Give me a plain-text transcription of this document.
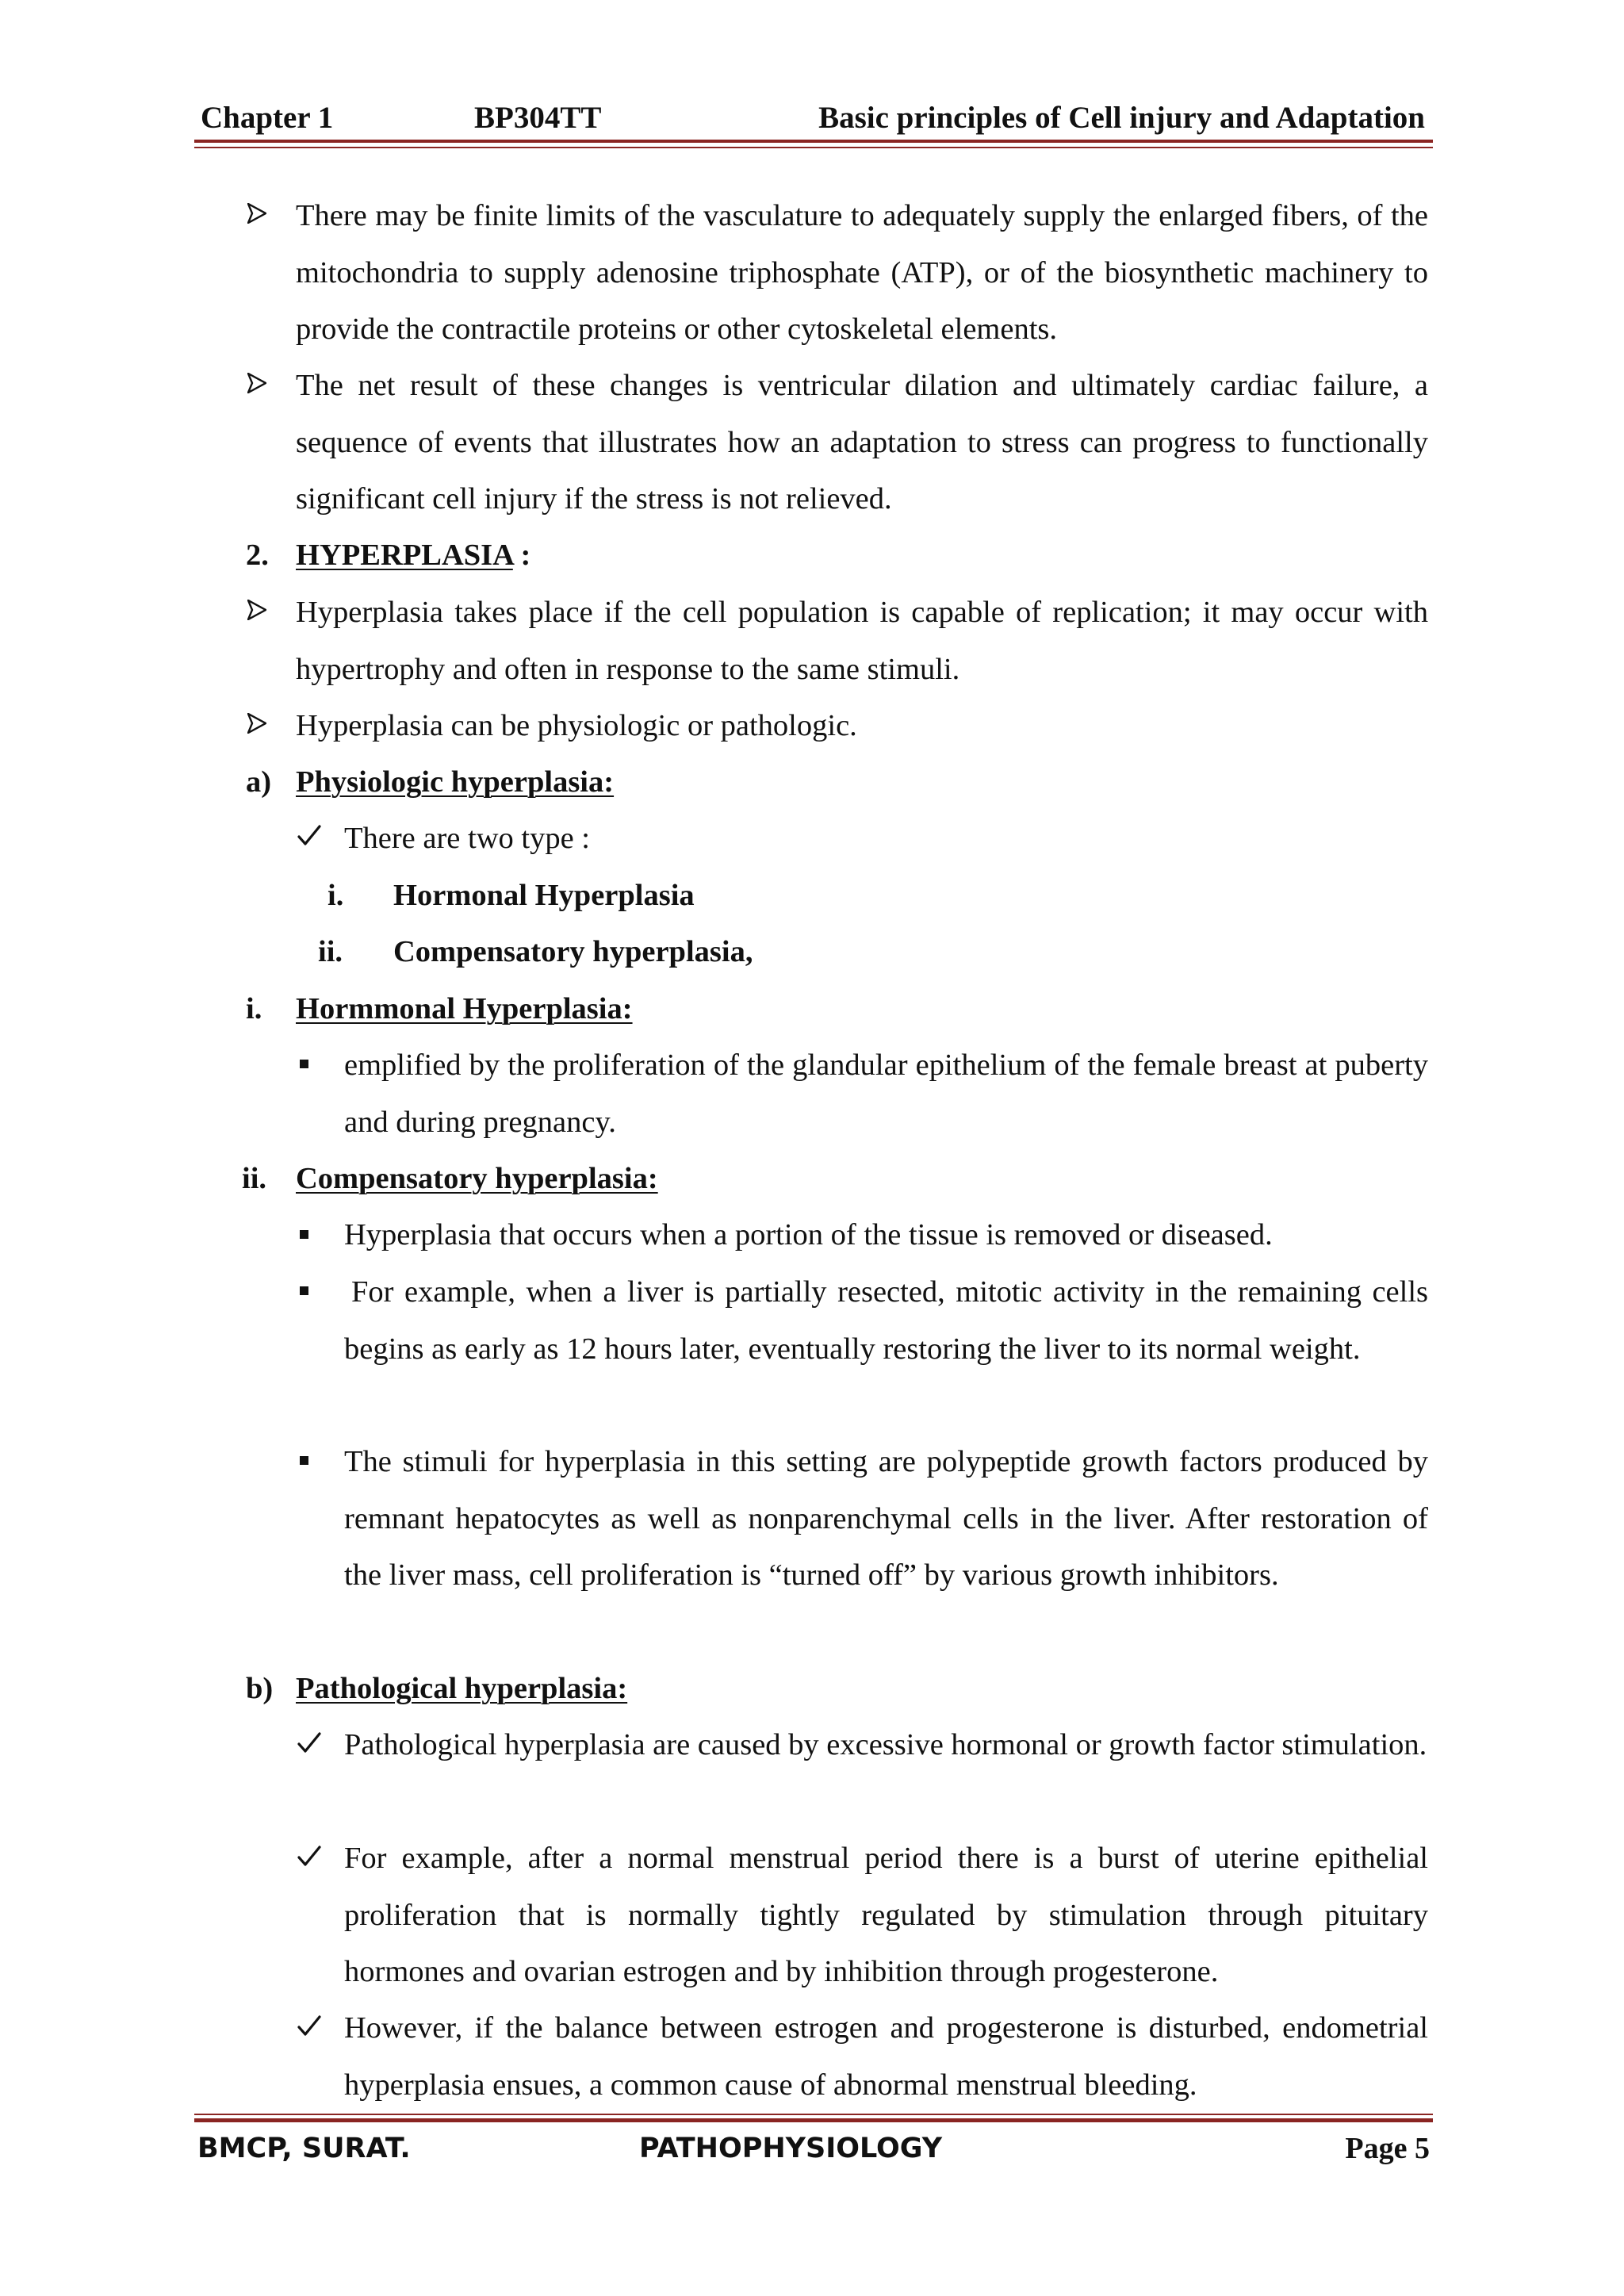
Chapter 1	BP304TT	Basic principles of Cell injury and Adaptation
There may be finite limits of the vasculature to adequately supply the enlarged fibers, of the mitochondria to supply adenosine triphosphate (ATP), or of the biosynthetic machinery to provide the contractile proteins or other cytoskeletal elements.
The net result of these changes is ventricular dilation and ultimately cardiac failure, a sequence of events that illustrates how an adaptation to stress can progress to functionally significant cell injury if the stress is not relieved.
2. HYPERPLASIA :
Hyperplasia takes place if the cell population is capable of replication; it may occur with hypertrophy and often in response to the same stimuli.
Hyperplasia can be physiologic or pathologic.
a) Physiologic hyperplasia:
There are two type :
i. Hormonal Hyperplasia
ii. Compensatory hyperplasia,
i. Hormmonal Hyperplasia:
emplified by the proliferation of the glandular epithelium of the female breast at puberty and during pregnancy.
ii. Compensatory hyperplasia:
Hyperplasia that occurs when a portion of the tissue is removed or diseased.
For example, when a liver is partially resected, mitotic activity in the remaining cells begins as early as 12 hours later, eventually restoring the liver to its normal weight.
The stimuli for hyperplasia in this setting are polypeptide growth factors produced by remnant hepatocytes as well as nonparenchymal cells in the liver. After restoration of the liver mass, cell proliferation is “turned off” by various growth inhibitors.
b) Pathological hyperplasia:
Pathological hyperplasia are caused by excessive hormonal or growth factor stimulation.
For example, after a normal menstrual period there is a burst of uterine epithelial proliferation that is normally tightly regulated by stimulation through pituitary hormones and ovarian estrogen and by inhibition through progesterone.
However, if the balance between estrogen and progesterone is disturbed, endometrial hyperplasia ensues, a common cause of abnormal menstrual bleeding.
BMCP, SURAT.	PATHOPHYSIOLOGY	Page 5
